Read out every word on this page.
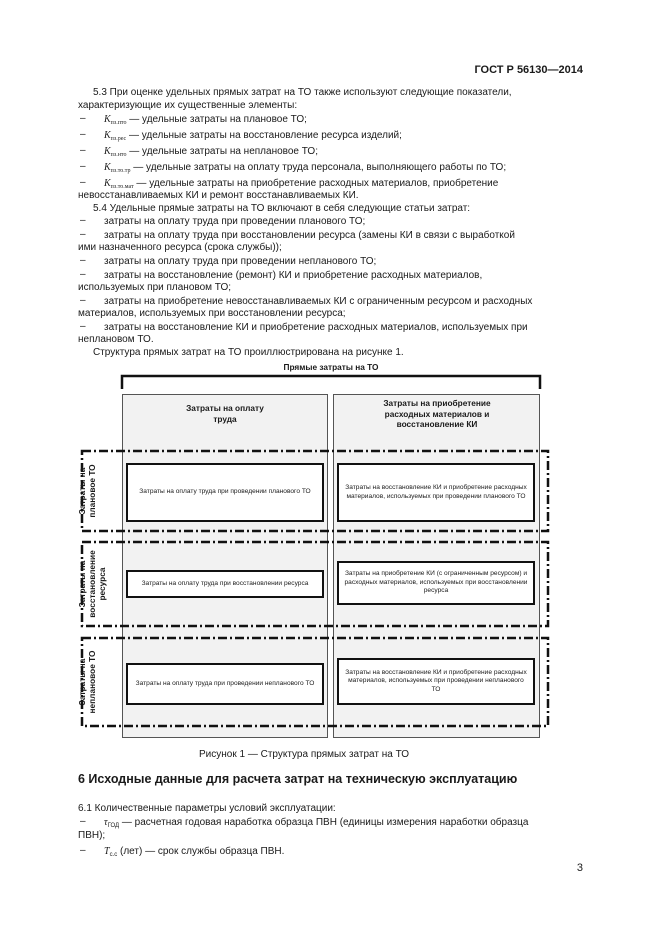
ГОСТ Р 56130—2014
5.3 При оценке удельных прямых затрат на ТО также используют следующие показатели,
характеризующие их существенные элементы:
– $К_{пз.пто}$ — удельные затраты на плановое ТО;
– $К_{пз.рес}$ — удельные затраты на восстановление ресурса изделий;
– $К_{пз.нто}$ — удельные затраты на неплановое ТО;
– $К_{пз.то.тр}$ — удельные затраты на оплату труда персонала, выполняющего работы по ТО;
– $К_{пз.то.мат}$ — удельные затраты на приобретение расходных материалов, приобретение
невосстанавливаемых КИ и ремонт восстанавливаемых КИ.
5.4 Удельные прямые затраты на ТО включают в себя следующие статьи затрат:
– затраты на оплату труда при проведении планового ТО;
– затраты на оплату труда при восстановлении ресурса (замены КИ в связи с выработкой
ими назначенного ресурса (срока службы));
– затраты на оплату труда при проведении непланового ТО;
– затраты на восстановление (ремонт) КИ и приобретение расходных материалов,
используемых при плановом ТО;
– затраты на приобретение невосстанавливаемых КИ с ограниченным ресурсом и расходных
материалов, используемых при восстановлении ресурса;
– затраты на восстановление КИ и приобретение расходных материалов, используемых при
неплановом ТО.
Структура прямых затрат на ТО проиллюстрирована на рисунке 1.
Прямые затраты на ТО
Затраты на оплату
труда
Затраты на приобретение
расходных материалов и
восстановление КИ
Затраты на
плановое ТО
Затраты на
восстановление
ресурса
Затраты на
неплановое ТО
Затраты на оплату труда при проведении планового ТО
Затраты на восстановление КИ и приобретение расходных материалов, используемых при проведении планового ТО
Затраты на оплату труда при восстановлении ресурса
Затраты на приобретение КИ (с ограниченным ресурсом) и расходных материалов, используемых при восстановлении ресурса
Затраты на оплату труда при проведении непланового ТО
Затраты на восстановление КИ и приобретение расходных материалов, используемых при проведении непланового ТО
Рисунок 1 — Структура прямых затрат на ТО
6 Исходные данные для расчета затрат на техническую эксплуатацию
6.1 Количественные параметры условий эксплуатации:
– $\tau_{ГОД}$ — расчетная годовая наработка образца ПВН (единицы измерения наработки образца
ПВН);
– $T_{с.с}$ (лет) — срок службы образца ПВН.
3
